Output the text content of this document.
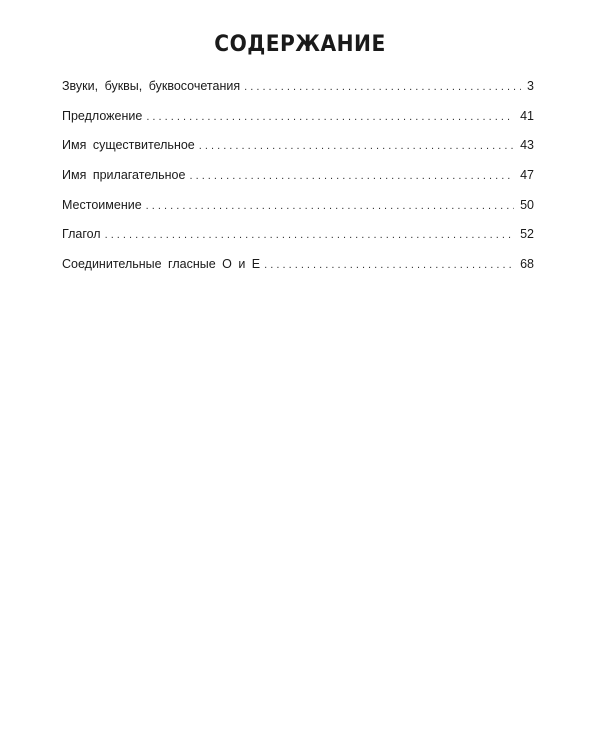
СОДЕРЖАНИЕ
Звуки, буквы, буквосочетания . . .	3
Предложение . . .	41
Имя существительное . . .	43
Имя прилагательное . . .	47
Местоимение . . .	50
Глагол . . .	52
Соединительные гласные О и Е . . .	68
